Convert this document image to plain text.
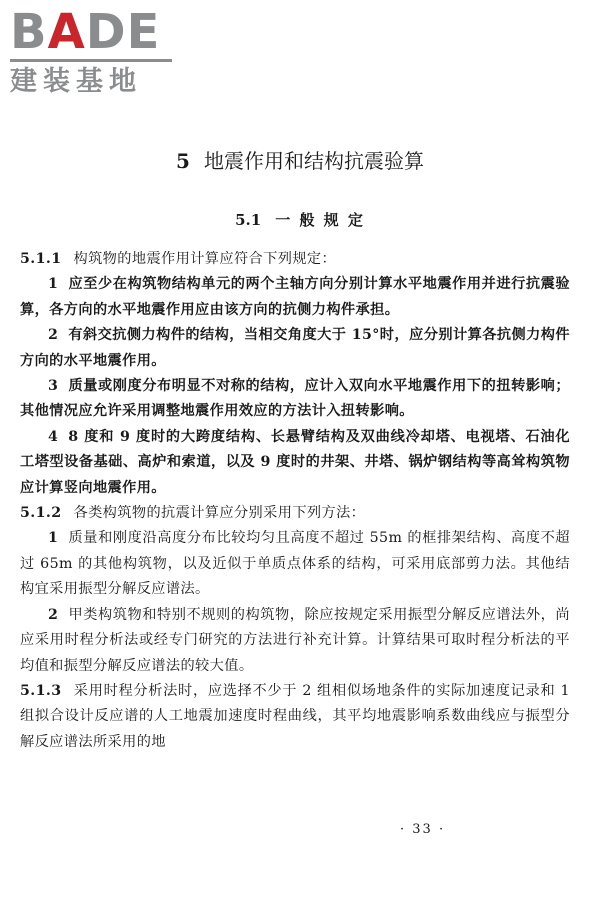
BADE
建装基地
5 地震作用和结构抗震验算
5.1 一 般 规 定

5.1.1 构筑物的地震作用计算应符合下列规定：

1 应至少在构筑物结构单元的两个主轴方向分别计算水平地震作用并进行抗震验算，各方向的水平地震作用应由该方向的抗侧力构件承担。

2 有斜交抗侧力构件的结构，当相交角度大于 15°时，应分别计算各抗侧力构件方向的水平地震作用。

3 质量或刚度分布明显不对称的结构，应计入双向水平地震作用下的扭转影响；其他情况应允许采用调整地震作用效应的方法计入扭转影响。

4 8 度和 9 度时的大跨度结构、长悬臂结构及双曲线冷却塔、电视塔、石油化工塔型设备基础、高炉和索道，以及 9 度时的井架、井塔、锅炉钢结构等高耸构筑物应计算竖向地震作用。

5.1.2 各类构筑物的抗震计算应分别采用下列方法：

1 质量和刚度沿高度分布比较均匀且高度不超过 55m 的框排架结构、高度不超过 65m 的其他构筑物，以及近似于单质点体系的结构，可采用底部剪力法。其他结构宜采用振型分解反应谱法。

2 甲类构筑物和特别不规则的构筑物，除应按规定采用振型分解反应谱法外，尚应采用时程分析法或经专门研究的方法进行补充计算。计算结果可取时程分析法的平均值和振型分解反应谱法的较大值。

5.1.3 采用时程分析法时，应选择不少于 2 组相似场地条件的实际加速度记录和 1 组拟合设计反应谱的人工地震加速度时程曲线，其平均地震影响系数曲线应与振型分解反应谱法所采用的地

· 33 ·
